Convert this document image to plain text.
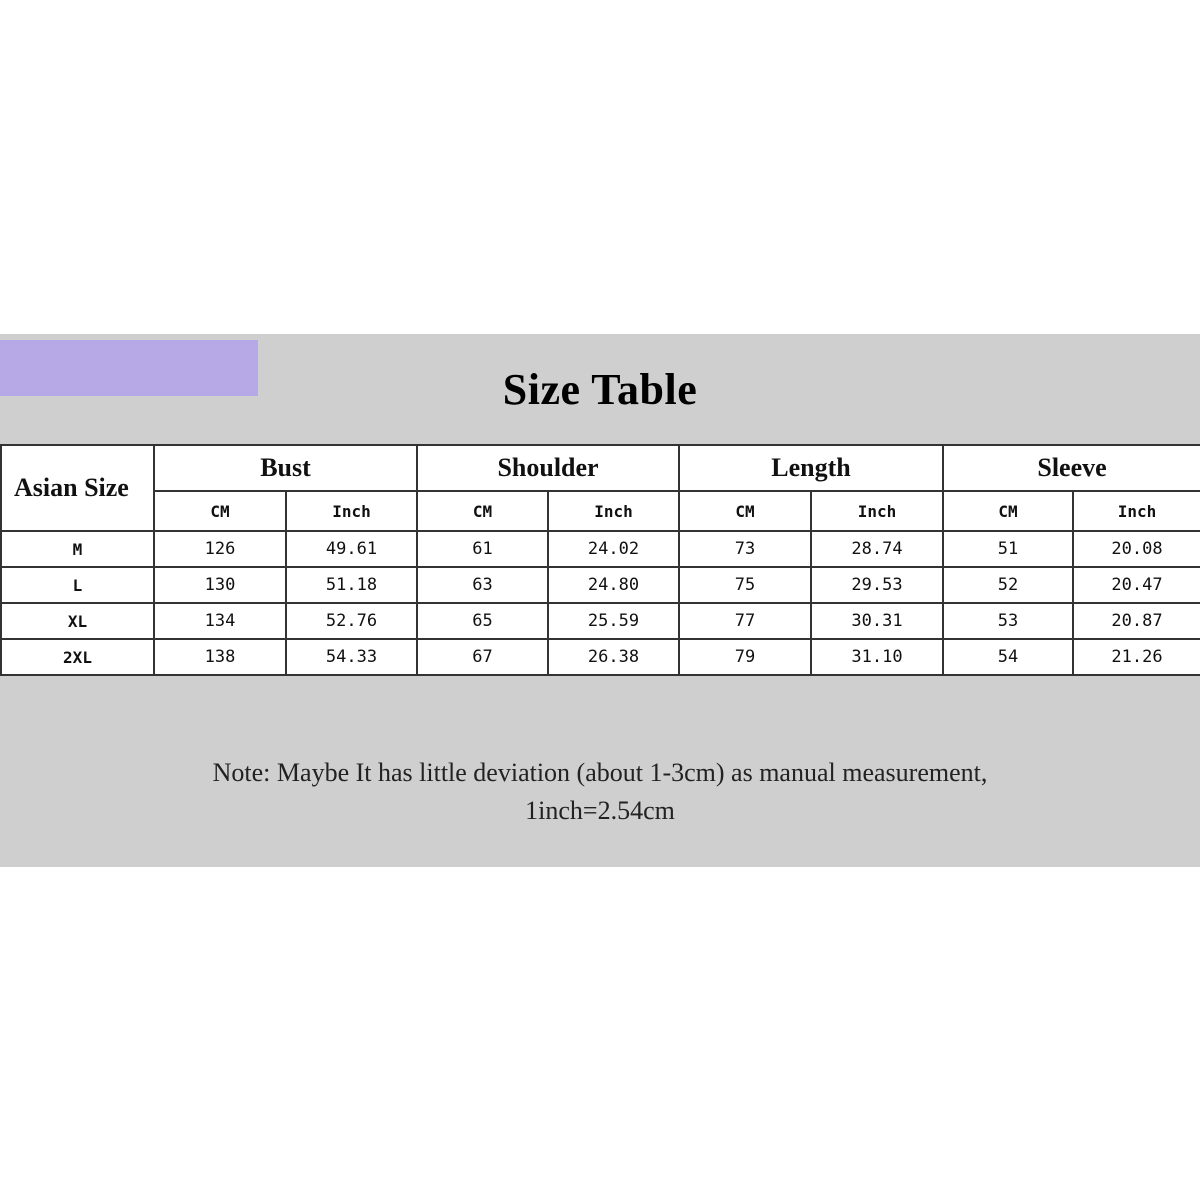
Size Table
Asian Size	Bust		Shoulder		Length		Sleeve	
	CM	Inch	CM	Inch	CM	Inch	CM	Inch
M	126	49.61	61	24.02	73	28.74	51	20.08
L	130	51.18	63	24.80	75	29.53	52	20.47
XL	134	52.76	65	25.59	77	30.31	53	20.87
2XL	138	54.33	67	26.38	79	31.10	54	21.26
Note: Maybe It has little deviation (about 1-3cm) as manual measurement,
1inch=2.54cm
